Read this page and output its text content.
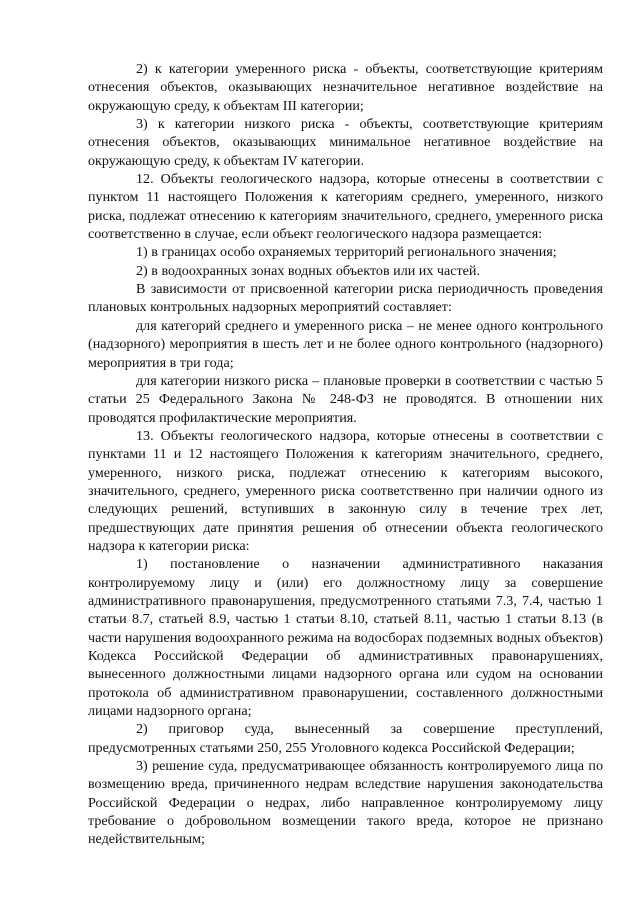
2) к категории умеренного риска - объекты, соответствующие критериям отнесения объектов, оказывающих незначительное негативное воздействие на окружающую среду, к объектам III категории;

3) к категории низкого риска - объекты, соответствующие критериям отнесения объектов, оказывающих минимальное негативное воздействие на окружающую среду, к объектам IV категории.

12. Объекты геологического надзора, которые отнесены в соответствии с пунктом 11 настоящего Положения к категориям среднего, умеренного, низкого риска, подлежат отнесению к категориям значительного, среднего, умеренного риска соответственно в случае, если объект геологического надзора размещается:

1) в границах особо охраняемых территорий регионального значения;

2) в водоохранных зонах водных объектов или их частей.

В зависимости от присвоенной категории риска периодичность проведения плановых контрольных надзорных мероприятий составляет:

для категорий среднего и умеренного риска – не менее одного контрольного (надзорного) мероприятия в шесть лет и не более одного контрольного (надзорного) мероприятия в три года;

для категории низкого риска – плановые проверки в соответствии с частью 5 статьи 25 Федерального Закона № 248-ФЗ не проводятся. В отношении них проводятся профилактические мероприятия.

13. Объекты геологического надзора, которые отнесены в соответствии с пунктами 11 и 12 настоящего Положения к категориям значительного, среднего, умеренного, низкого риска, подлежат отнесению к категориям высокого, значительного, среднего, умеренного риска соответственно при наличии одного из следующих решений, вступивших в законную силу в течение трех лет, предшествующих дате принятия решения об отнесении объекта геологического надзора к категории риска:

1) постановление о назначении административного наказания контролируемому лицу и (или) его должностному лицу за совершение административного правонарушения, предусмотренного статьями 7.3, 7.4, частью 1 статьи 8.7, статьей 8.9, частью 1 статьи 8.10, статьей 8.11, частью 1 статьи 8.13 (в части нарушения водоохранного режима на водосборах подземных водных объектов) Кодекса Российской Федерации об административных правонарушениях, вынесенного должностными лицами надзорного органа или судом на основании протокола об административном правонарушении, составленного должностными лицами надзорного органа;

2) приговор суда, вынесенный за совершение преступлений, предусмотренных статьями 250, 255 Уголовного кодекса Российской Федерации;

3) решение суда, предусматривающее обязанность контролируемого лица по возмещению вреда, причиненного недрам вследствие нарушения законодательства Российской Федерации о недрах, либо направленное контролируемому лицу требование о добровольном возмещении такого вреда, которое не признано недействительным;
